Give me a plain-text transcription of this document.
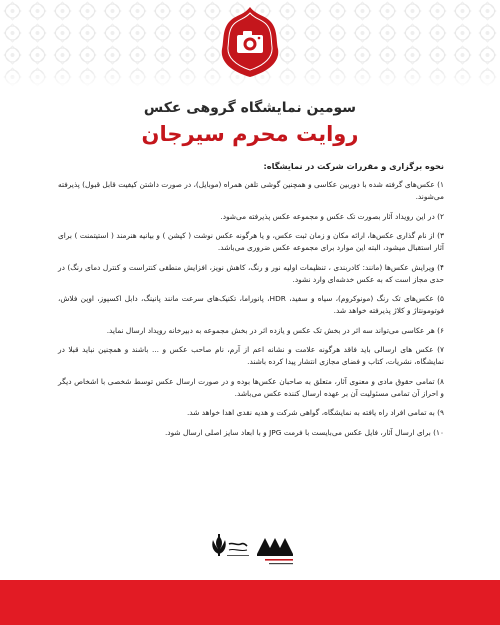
سومین نمایشگاه گروهی عکس
روایت محرم سیرجان
نحوه برگزاری و مقررات شرکت در نمایشگاه:

۱) عکس‌های گرفته شده با دوربین عکاسی و همچنین گوشی تلفن همراه (موبایل)، در صورت داشتن کیفیت قابل قبول) پذیرفته می‌شوند.

۲) در این رویداد آثار بصورت تک عکس و مجموعه عکس پذیرفته می‌شود.

۳) از نام گذاری عکس‌ها، ارائه مکان و زمان ثبت عکس، و یا هرگونه عکس نوشت ( کپشن ) و بیانیه هنرمند ( استیتمنت ) برای آثار استقبال میشود، البته این موارد برای مجموعه عکس ضروری می‌باشد.

۴) ویرایش عکس‌ها (مانند: کادربندی ، تنظیمات اولیه نور و رنگ، کاهش نویز، افزایش منطقی کنتراست و کنترل دمای رنگ) در حدی مجاز است که به عکس خدشه‌ای وارد نشود.

۵) عکس‌های تک رنگ (مونوکروم)، سیاه و سفید، HDR، پانوراما، تکنیک‌های سرعت مانند پانینگ، دابل اکسپوز، اوپن فلاش، فوتومونتاژ و کلاژ پذیرفته خواهد شد.

۶) هر عکاسی می‌تواند سه اثر در بخش تک عکس و یازده اثر در بخش مجموعه به دبیرخانه رویداد ارسال نماید.

۷) عکس های ارسالی باید فاقد هرگونه علامت و نشانه اعم از آرم، نام صاحب عکس و ... باشند و همچنین نباید قبلا در نمایشگاه، نشریات، کتاب و فضای مجازی انتشار پیدا کرده باشند.

۸) تمامی حقوق مادی و معنوی آثار، متعلق به صاحبان عکس‌ها بوده و در صورت ارسال عکس توسط شخصی با اشخاص دیگر و احراز آن تمامی مسئولیت آن بر عهده ارسال کننده عکس می‌باشد.

۹) به تمامی افراد راه یافته به نمایشگاه، گواهی شرکت و هدیه نقدی اهدا خواهد شد.

۱۰) برای ارسال آثار، فایل عکس می‌بایست با فرمت JPG و با ابعاد سایز اصلی ارسال شود.
